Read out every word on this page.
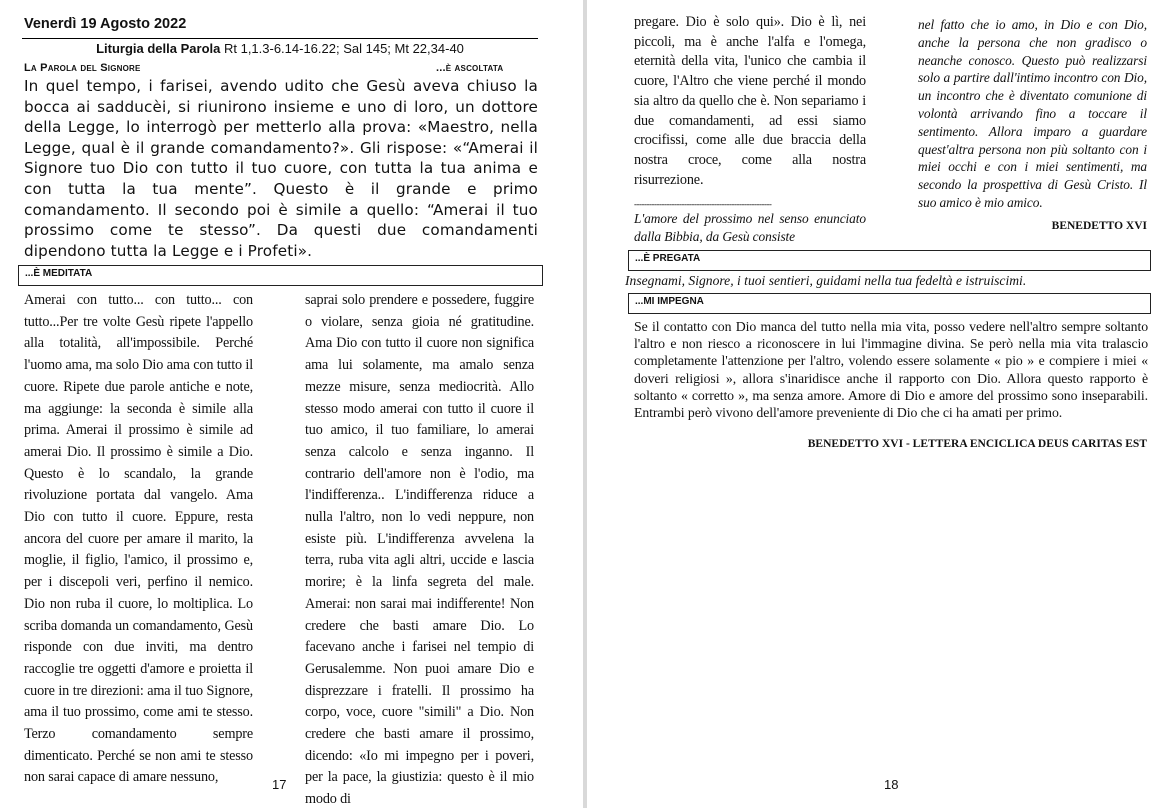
Venerdì 19 Agosto 2022
Liturgia della Parola Rt 1,1.3-6.14-16.22; Sal 145; Mt 22,34-40
La Parola del Signore	...è ascoltata
In quel tempo, i farisei, avendo udito che Gesù aveva chiuso la bocca ai sadducèi, si riunirono insieme e uno di loro, un dottore della Legge, lo interrogò per metterlo alla prova: «Maestro, nella Legge, qual è il grande comandamento?». Gli rispose: «“Amerai il Signore tuo Dio con tutto il tuo cuore, con tutta la tua anima e con tutta la tua mente”. Questo è il grande e primo comandamento. Il secondo poi è simile a quello: “Amerai il tuo prossimo come te stesso”. Da questi due comandamenti dipendono tutta la Legge e i Profeti».
...È MEDITATA
Amerai con tutto... con tutto... con tutto...Per tre volte Gesù ripete l'appello alla totalità, all'impossibile. Perché l'uomo ama, ma solo Dio ama con tutto il cuore. Ripete due parole antiche e note, ma aggiunge: la seconda è simile alla prima. Amerai il prossimo è simile ad amerai Dio. Il prossimo è simile a Dio. Questo è lo scandalo, la grande rivoluzione portata dal vangelo. Ama Dio con tutto il cuore. Eppure, resta ancora del cuore per amare il marito, la moglie, il figlio, l'amico, il prossimo e, per i discepoli veri, perfino il nemico. Dio non ruba il cuore, lo moltiplica. Lo scriba domanda un comandamento, Gesù risponde con due inviti, ma dentro raccoglie tre oggetti d'amore e proietta il cuore in tre direzioni: ama il tuo Signore, ama il tuo prossimo, come ami te stesso. Terzo comandamento sempre dimenticato. Perché se non ami te stesso non sarai capace di amare nessuno,
saprai solo prendere e possedere, fuggire o violare, senza gioia né gratitudine. Ama Dio con tutto il cuore non significa ama lui solamente, ma amalo senza mezze misure, senza mediocrità. Allo stesso modo amerai con tutto il cuore il tuo amico, il tuo familiare, lo amerai senza calcolo e senza inganno. Il contrario dell'amore non è l'odio, ma l'indifferenza.. L'indifferenza riduce a nulla l'altro, non lo vedi neppure, non esiste più. L'indifferenza avvelena la terra, ruba vita agli altri, uccide e lascia morire; è la linfa segreta del male. Amerai: non sarai mai indifferente! Non credere che basti amare Dio. Lo facevano anche i farisei nel tempio di Gerusalemme. Non puoi amare Dio e disprezzare i fratelli. Il prossimo ha corpo, voce, cuore "simili" a Dio. Non credere che basti amare il prossimo, dicendo: «Io mi impegno per i poveri, per la pace, la giustizia: questo è il mio modo di
17
pregare. Dio è solo qui». Dio è lì, nei piccoli, ma è anche l'alfa e l'omega, eternità della vita, l'unico che cambia il cuore, l'Altro che viene perché il mondo sia altro da quello che è. Non separiamo i due comandamenti, ad essi siamo crocifissi, come alle due braccia della nostra croce, come alla nostra risurrezione.
-------------------------------------------------------
L'amore del prossimo nel senso enunciato dalla Bibbia, da Gesù consiste
nel fatto che io amo, in Dio e con Dio, anche la persona che non gradisco o neanche conosco. Questo può realizzarsi solo a partire dall'intimo incontro con Dio, un incontro che è diventato comunione di volontà arrivando fino a toccare il sentimento. Allora imparo a guardare quest'altra persona non più soltanto con i miei occhi e con i miei sentimenti, ma secondo la prospettiva di Gesù Cristo. Il suo amico è mio amico.
BENEDETTO XVI
...È PREGATA
Insegnami, Signore, i tuoi sentieri, guidami nella tua fedeltà e istruiscimi.
...MI IMPEGNA
Se il contatto con Dio manca del tutto nella mia vita, posso vedere nell'altro sempre soltanto l'altro e non riesco a riconoscere in lui l'immagine divina. Se però nella mia vita tralascio completamente l'attenzione per l'altro, volendo essere solamente « pio » e compiere i miei « doveri religiosi », allora s'inaridisce anche il rapporto con Dio. Allora questo rapporto è soltanto « corretto », ma senza amore. Amore di Dio e amore del prossimo sono inseparabili. Entrambi però vivono dell'amore preveniente di Dio che ci ha amati per primo.
BENEDETTO XVI - LETTERA ENCICLICA DEUS CARITAS EST
18
